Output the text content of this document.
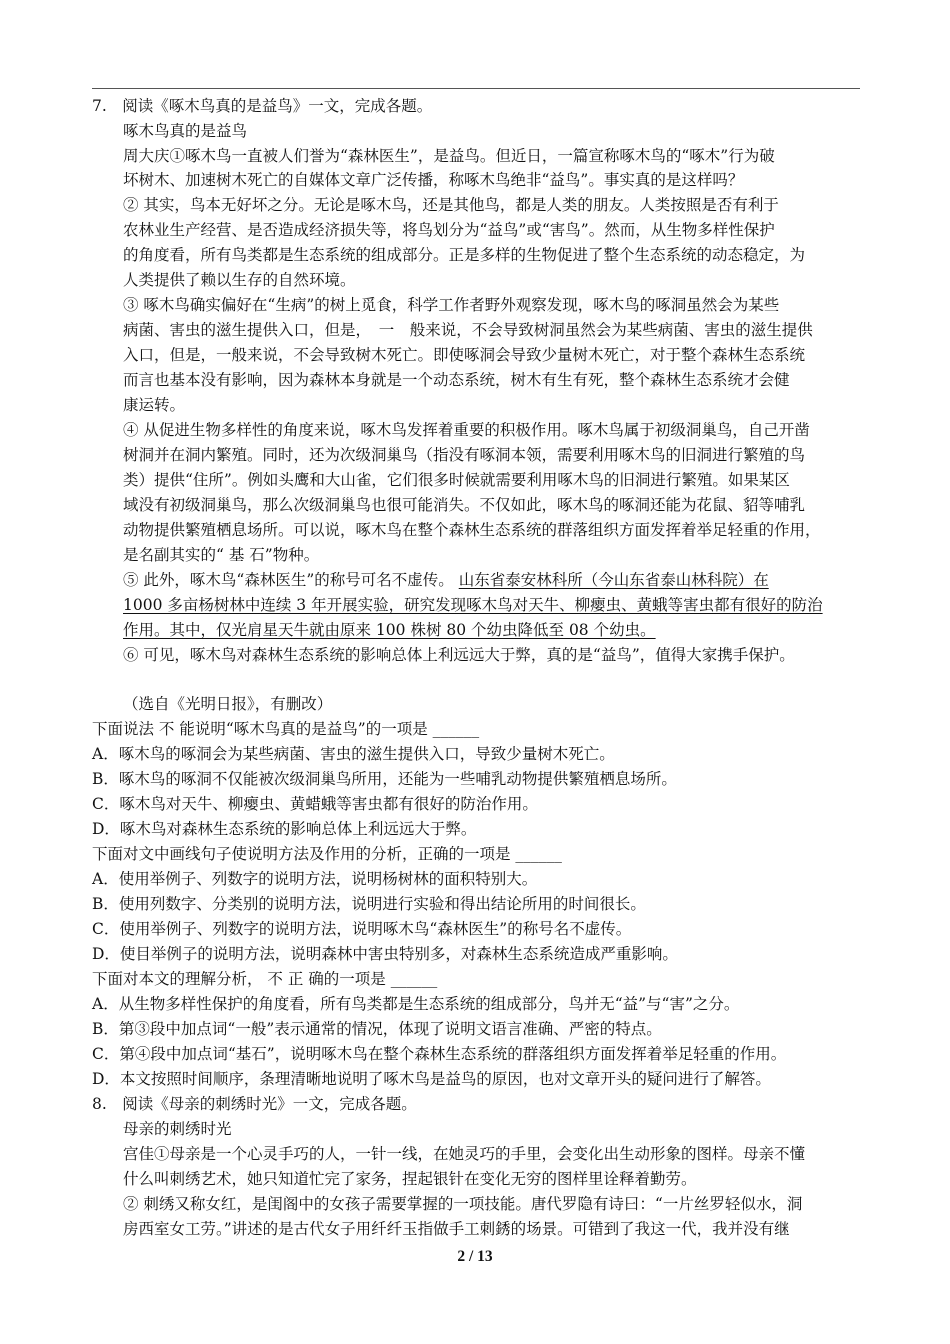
7.　阅读《啄木鸟真的是益鸟》一文，完成各题。
啄木鸟真的是益鸟
周大庆①啄木鸟一直被人们誉为“森林医生”，是益鸟。但近日，一篇宣称啄木鸟的“啄木”行为破
坏树木、加速树木死亡的自媒体文章广泛传播，称啄木鸟绝非“益鸟”。事实真的是这样吗？
② 其实，鸟本无好坏之分。无论是啄木鸟，还是其他鸟，都是人类的朋友。人类按照是否有利于
农林业生产经营、是否造成经济损失等，将鸟划分为“益鸟”或“害鸟”。然而，从生物多样性保护
的角度看，所有鸟类都是生态系统的组成部分。正是多样的生物促进了整个生态系统的动态稳定，为
人类提供了赖以生存的自然环境。
③ 啄木鸟确实偏好在“生病”的树上觅食，科学工作者野外观察发现，啄木鸟的啄洞虽然会为某些
病菌、害虫的滋生提供入口，但是，　一　般来说，不会导致树洞虽然会为某些病菌、害虫的滋生提供
入口，但是，一般来说，不会导致树木死亡。即使啄洞会导致少量树木死亡，对于整个森林生态系统
而言也基本没有影响，因为森林本身就是一个动态系统，树木有生有死，整个森林生态系统才会健
康运转。
④ 从促进生物多样性的角度来说，啄木鸟发挥着重要的积极作用。啄木鸟属于初级洞巢鸟，自己开凿
树洞并在洞内繁殖。同时，还为次级洞巢鸟（指没有啄洞本领，需要利用啄木鸟的旧洞进行繁殖的鸟
类）提供“住所”。例如头鹰和大山雀，它们很多时候就需要利用啄木鸟的旧洞进行繁殖。如果某区
域没有初级洞巢鸟，那么次级洞巢鸟也很可能消失。不仅如此，啄木鸟的啄洞还能为花鼠、貂等哺乳
动物提供繁殖栖息场所。可以说，啄木鸟在整个森林生态系统的群落组织方面发挥着举足轻重的作用，
是名副其实的“ 基 石”物种。
⑤ 此外，啄木鸟“森林医生”的称号可名不虚传。 山东省泰安林科所（今山东省泰山林科院）在
1000 多亩杨树林中连续 3 年开展实验，研究发现啄木鸟对天牛、柳瘿虫、黄蛾等害虫都有很好的防治
作用。其中，仅光肩星天牛就由原来 100 株树 80 个幼虫降低至 08 个幼虫。
⑥ 可见，啄木鸟对森林生态系统的影响总体上利远远大于弊，真的是“益鸟”，值得大家携手保护。
（选自《光明日报》，有删改）
下面说法 不 能说明“啄木鸟真的是益鸟”的一项是 ______
A．啄木鸟的啄洞会为某些病菌、害虫的滋生提供入口，导致少量树木死亡。
B．啄木鸟的啄洞不仅能被次级洞巢鸟所用，还能为一些哺乳动物提供繁殖栖息场所。
C．啄木鸟对天牛、柳瘿虫、黄蜡蛾等害虫都有很好的防治作用。
D．啄木鸟对森林生态系统的影响总体上利远远大于弊。
下面对文中画线句子使说明方法及作用的分析，正确的一项是 ______
A．使用举例子、列数字的说明方法，说明杨树林的面积特别大。
B．使用列数字、分类别的说明方法，说明进行实验和得出结论所用的时间很长。
C．使用举例子、列数字的说明方法，说明啄木鸟“森林医生”的称号名不虚传。
D．使目举例子的说明方法，说明森林中害虫特别多，对森林生态系统造成严重影响。
下面对本文的理解分析， 不 正 确的一项是 ______
A．从生物多样性保护的角度看，所有鸟类都是生态系统的组成部分，鸟并无“益”与“害”之分。
B．第③段中加点词“一般”表示通常的情况，体现了说明文语言准确、严密的特点。
C．第④段中加点词“基石”，说明啄木鸟在整个森林生态系统的群落组织方面发挥着举足轻重的作用。
D．本文按照时间顺序，条理清晰地说明了啄木鸟是益鸟的原因，也对文章开头的疑问进行了解答。
8.　阅读《母亲的刺绣时光》一文，完成各题。
母亲的刺绣时光
宫佳①母亲是一个心灵手巧的人，一针一线，在她灵巧的手里，会变化出生动形象的图样。母亲不懂
什么叫刺绣艺术，她只知道忙完了家务，捏起银针在变化无穷的图样里诠释着勤劳。
② 刺绣又称女红，是闺阁中的女孩子需要掌握的一项技能。唐代罗隐有诗曰：“一片丝罗轻似水，洞
房西室女工劳。”讲述的是古代女子用纤纤玉指做手工刺銹的场景。可错到了我这一代，我并没有继
2 / 13
